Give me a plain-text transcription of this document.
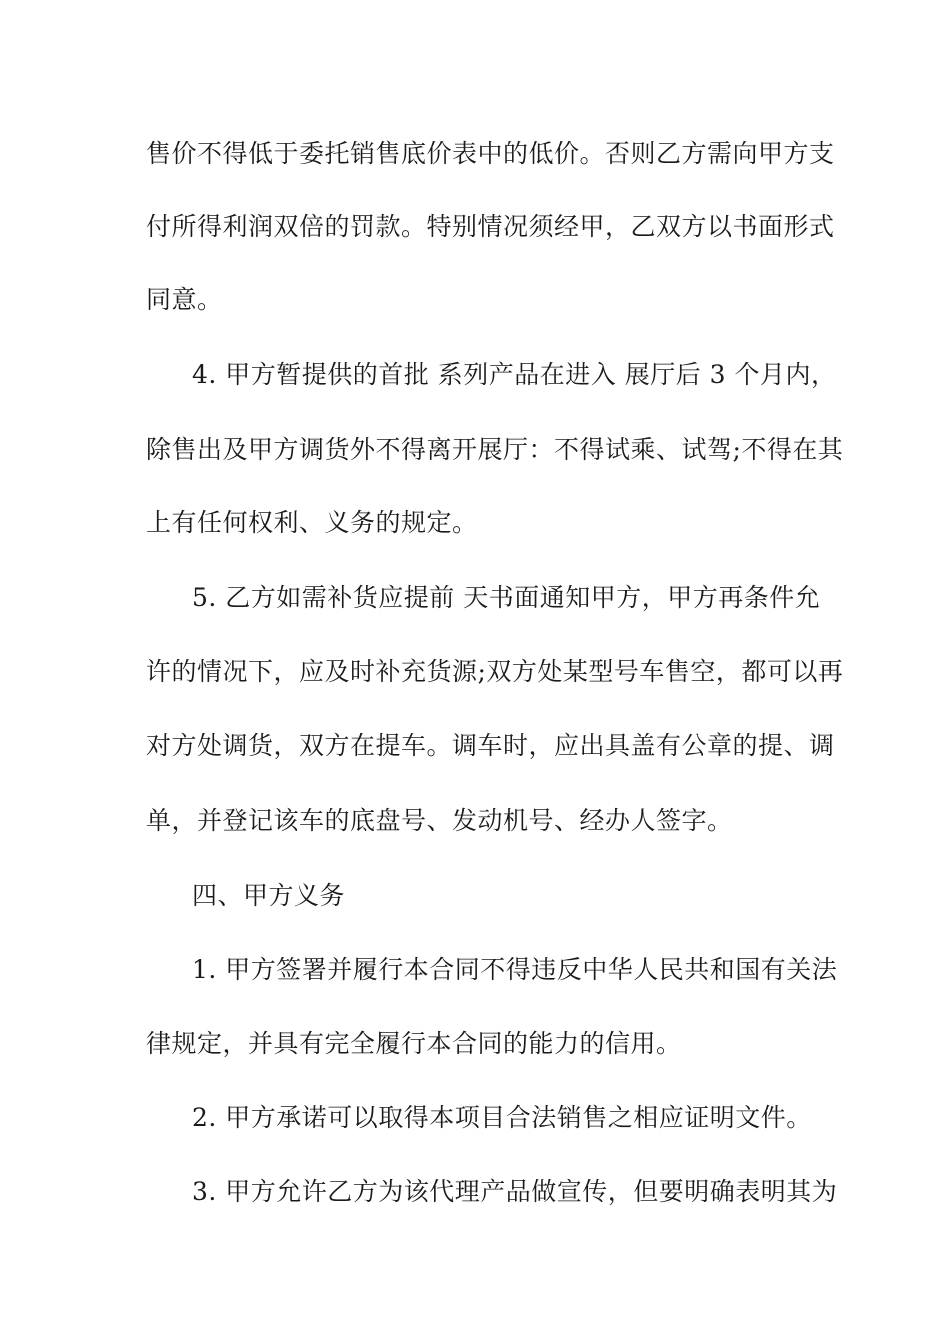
售价不得低于委托销售底价表中的低价。否则乙方需向甲方支
付所得利润双倍的罚款。特别情况须经甲，乙双方以书面形式
同意。
4. 甲方暂提供的首批 系列产品在进入 展厅后 3 个月内，
除售出及甲方调货外不得离开展厅：不得试乘、试驾;不得在其
上有任何权利、义务的规定。
5. 乙方如需补货应提前 天书面通知甲方，甲方再条件允
许的情况下，应及时补充货源;双方处某型号车售空，都可以再
对方处调货，双方在提车。调车时，应出具盖有公章的提、调
单，并登记该车的底盘号、发动机号、经办人签字。
四、甲方义务
1. 甲方签署并履行本合同不得违反中华人民共和国有关法
律规定，并具有完全履行本合同的能力的信用。
2. 甲方承诺可以取得本项目合法销售之相应证明文件。
3. 甲方允许乙方为该代理产品做宣传，但要明确表明其为
